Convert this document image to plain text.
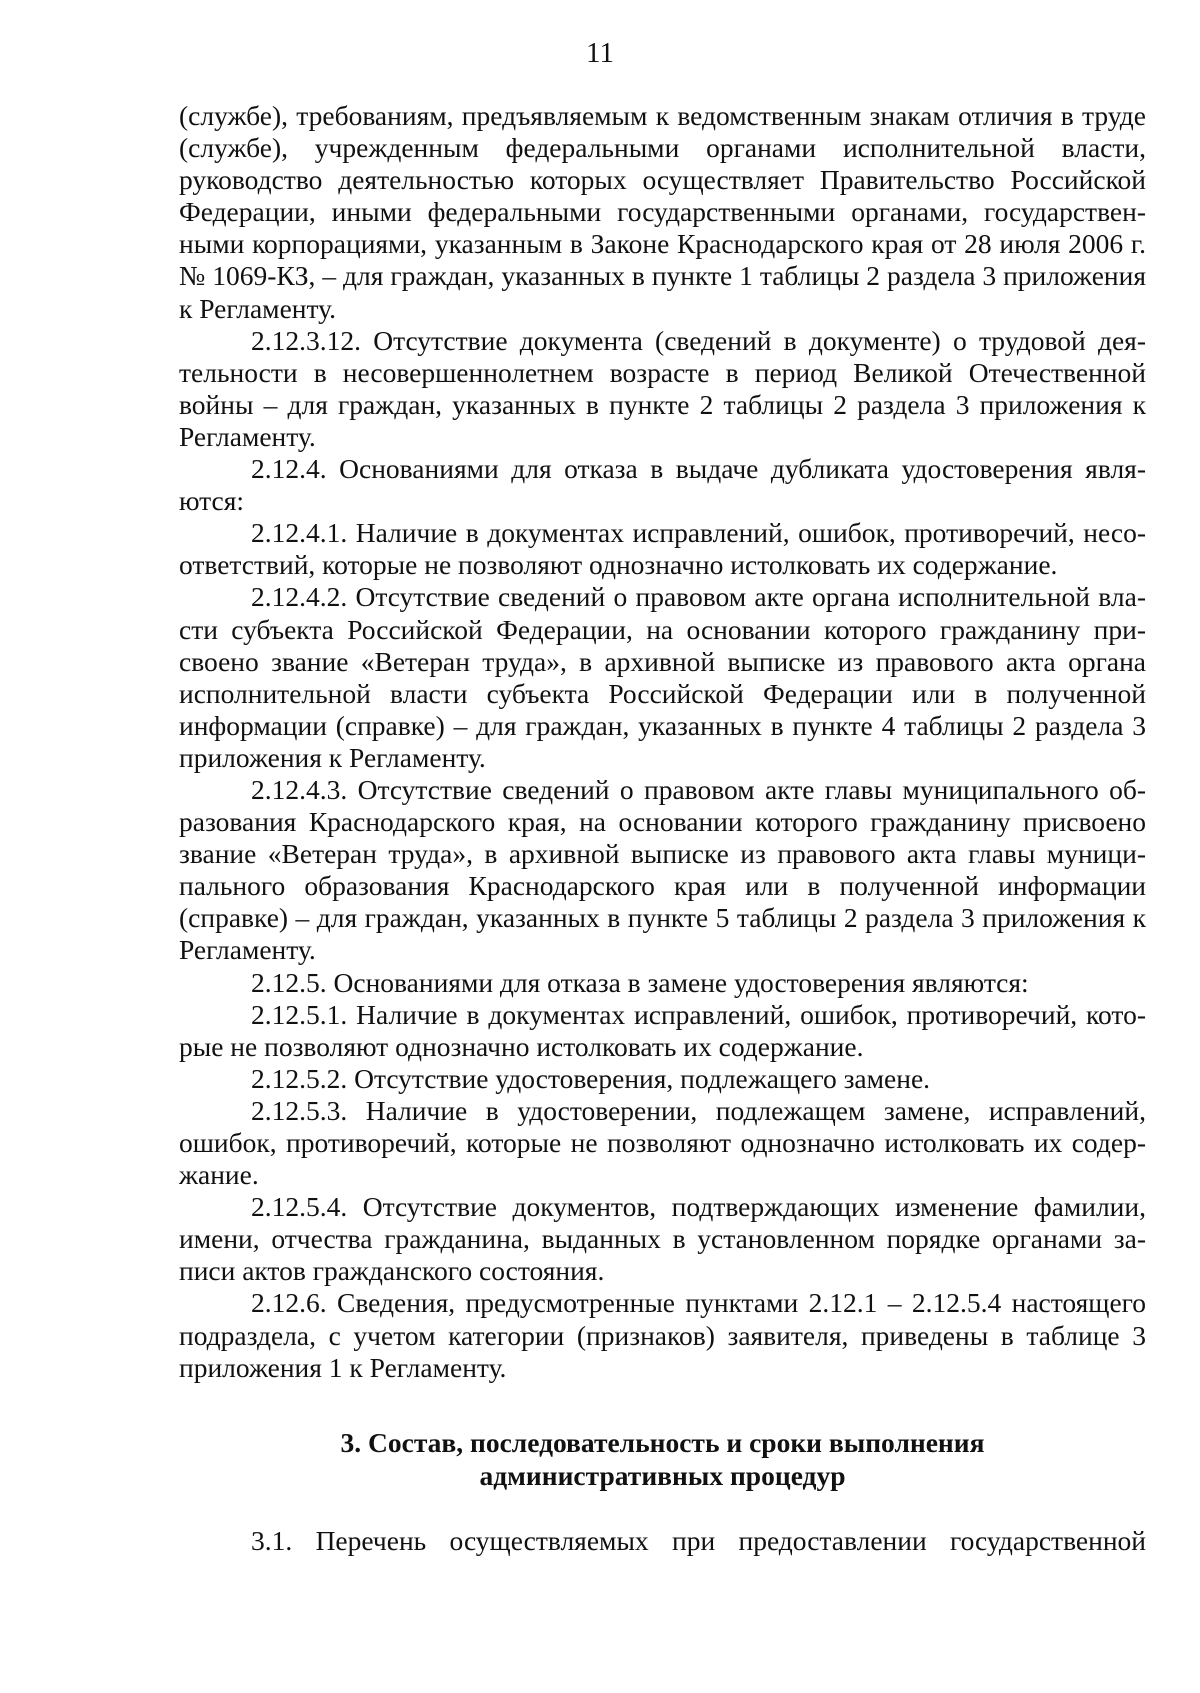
11

(службе), требованиям, предъявляемым к ведомственным знакам отличия в труде (службе), учрежденным федеральными органами исполнительной власти, руководство деятельностью которых осуществляет Правительство Российской Федерации, иными федеральными государственными органами, государственными корпорациями, указанным в Законе Краснодарского края от 28 июля 2006 г. № 1069-КЗ, – для граждан, указанных в пункте 1 таблицы 2 раздела 3 приложения к Регламенту.

2.12.3.12. Отсутствие документа (сведений в документе) о трудовой деятельности в несовершеннолетнем возрасте в период Великой Отечественной войны – для граждан, указанных в пункте 2 таблицы 2 раздела 3 приложения к Регламенту.

2.12.4. Основаниями для отказа в выдаче дубликата удостоверения являются:

2.12.4.1. Наличие в документах исправлений, ошибок, противоречий, несоответствий, которые не позволяют однозначно истолковать их содержание.

2.12.4.2. Отсутствие сведений о правовом акте органа исполнительной власти субъекта Российской Федерации, на основании которого гражданину присвоено звание «Ветеран труда», в архивной выписке из правового акта органа исполнительной власти субъекта Российской Федерации или в полученной информации (справке) – для граждан, указанных в пункте 4 таблицы 2 раздела 3 приложения к Регламенту.

2.12.4.3. Отсутствие сведений о правовом акте главы муниципального образования Краснодарского края, на основании которого гражданину присвоено звание «Ветеран труда», в архивной выписке из правового акта главы муниципального образования Краснодарского края или в полученной информации (справке) – для граждан, указанных в пункте 5 таблицы 2 раздела 3 приложения к Регламенту.

2.12.5. Основаниями для отказа в замене удостоверения являются:

2.12.5.1. Наличие в документах исправлений, ошибок, противоречий, которые не позволяют однозначно истолковать их содержание.

2.12.5.2. Отсутствие удостоверения, подлежащего замене.

2.12.5.3. Наличие в удостоверении, подлежащем замене, исправлений, ошибок, противоречий, которые не позволяют однозначно истолковать их содержание.

2.12.5.4. Отсутствие документов, подтверждающих изменение фамилии, имени, отчества гражданина, выданных в установленном порядке органами записи актов гражданского состояния.

2.12.6. Сведения, предусмотренные пунктами 2.12.1 – 2.12.5.4 настоящего подраздела, с учетом категории (признаков) заявителя, приведены в таблице 3 приложения 1 к Регламенту.

3. Состав, последовательность и сроки выполнения
административных процедур

3.1. Перечень осуществляемых при предоставлении государственной
